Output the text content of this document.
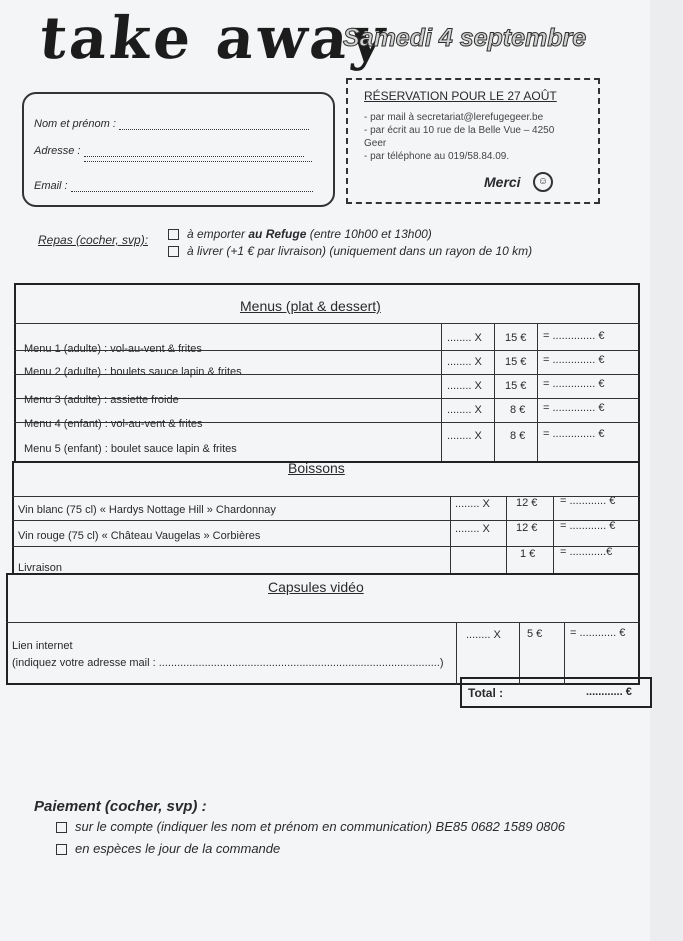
take away
Samedi 4 septembre
Nom et prénom :
Adresse :
Email :
RÉSERVATION POUR LE 27 AOÛT
- par mail à secretariat@lerefugegeer.be
- par écrit au 10 rue de la Belle Vue – 4250
Geer
- par téléphone au 019/58.84.09.
Merci	☺
Repas (cocher, svp):	à emporter au Refuge (entre 10h00 et 13h00)
à livrer (+1 € par livraison) (uniquement dans un rayon de 10 km)
Menus (plat & dessert)
Menu 1 (adulte) : vol-au-vent & frites
........ X 15 € = .............. €
Menu 2 (adulte) : boulets sauce lapin & frites
........ X 15 € = .............. €
Menu 3 (adulte) : assiette froide
........ X 15 € = .............. €
Menu 4 (enfant) : vol-au-vent & frites
........ X	8 € = .............. €
Menu 5 (enfant) : boulet sauce lapin & frites
........ X	8 € = .............. €
Boissons
Vin blanc (75 cl) « Hardys Nottage Hill » Chardonnay	........ X 12 € = ............ €
Vin rouge (75 cl) « Château Vaugelas » Corbières
........ X 12 € = ............ €
Livraison
1 € = ............€
Capsules vidéo
Lien internet
(indiquez votre adresse mail : ............................................................................................)
........ X 5 €	= ............ €
Total :	............ €
Paiement (cocher, svp) :
sur le compte (indiquer les nom et prénom en communication) BE85 0682 1589 0806
en espèces le jour de la commande
